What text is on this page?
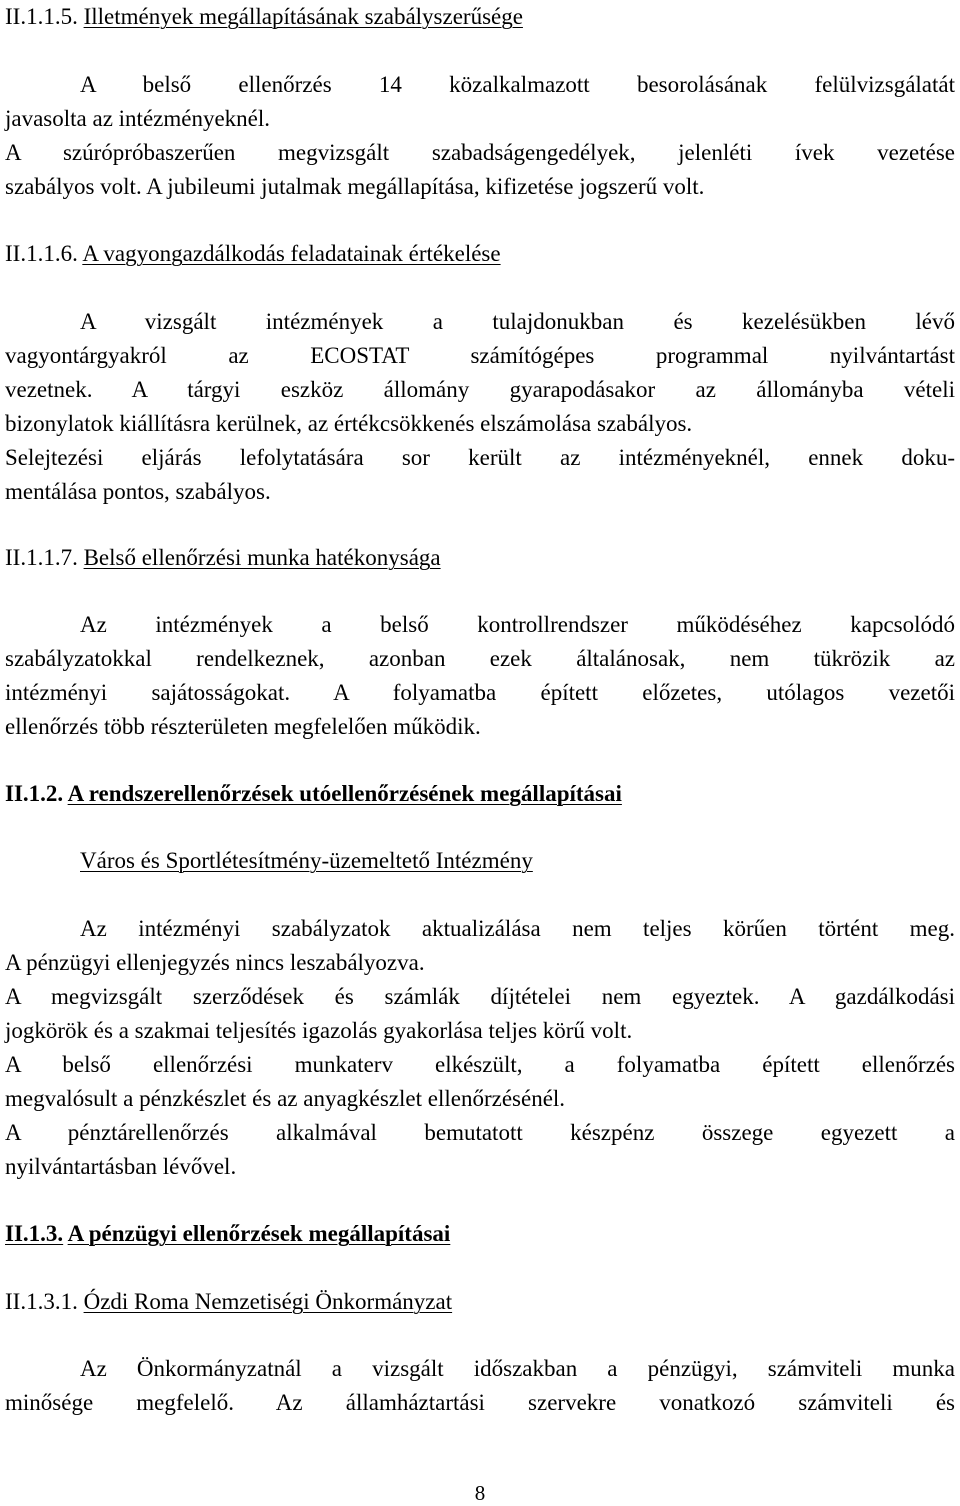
II.1.1.5. Illetmények megállapításának szabályszerűsége
A belső ellenőrzés 14 közalkalmazott besorolásának felülvizsgálatát
javasolta az intézményeknél.
A szúrópróbaszerűen megvizsgált szabadságengedélyek, jelenléti ívek vezetése
szabályos volt. A jubileumi jutalmak megállapítása, kifizetése jogszerű volt.
II.1.1.6. A vagyongazdálkodás feladatainak értékelése
A vizsgált intézmények a tulajdonukban és kezelésükben lévő
vagyontárgyakról az ECOSTAT számítógépes programmal nyilvántartást
vezetnek. A tárgyi eszköz állomány gyarapodásakor az állományba vételi
bizonylatok kiállításra kerülnek, az értékcsökkenés elszámolása szabályos.
Selejtezési eljárás lefolytatására sor került az intézményeknél, ennek doku-
mentálása pontos, szabályos.
II.1.1.7. Belső ellenőrzési munka hatékonysága
Az intézmények a belső kontrollrendszer működéséhez kapcsolódó
szabályzatokkal rendelkeznek, azonban ezek általánosak, nem tükrözik az
intézményi sajátosságokat. A folyamatba épített előzetes, utólagos vezetői
ellenőrzés több részterületen megfelelően működik.
II.1.2. A rendszerellenőrzések utóellenőrzésének megállapításai
Város és Sportlétesítmény-üzemeltető Intézmény
Az intézményi szabályzatok aktualizálása nem teljes körűen történt meg.
A pénzügyi ellenjegyzés nincs leszabályozva.
A megvizsgált szerződések és számlák díjtételei nem egyeztek. A gazdálkodási
jogkörök és a szakmai teljesítés igazolás gyakorlása teljes körű volt.
A belső ellenőrzési munkaterv elkészült, a folyamatba épített ellenőrzés
megvalósult a pénzkészlet és az anyagkészlet ellenőrzésénél.
A pénztárellenőrzés alkalmával bemutatott készpénz összege egyezett a
nyilvántartásban lévővel.
II.1.3. A pénzügyi ellenőrzések megállapításai
II.1.3.1. Ózdi Roma Nemzetiségi Önkormányzat
Az Önkormányzatnál a vizsgált időszakban a pénzügyi, számviteli munka
minősége megfelelő. Az államháztartási szervekre vonatkozó számviteli és
8
